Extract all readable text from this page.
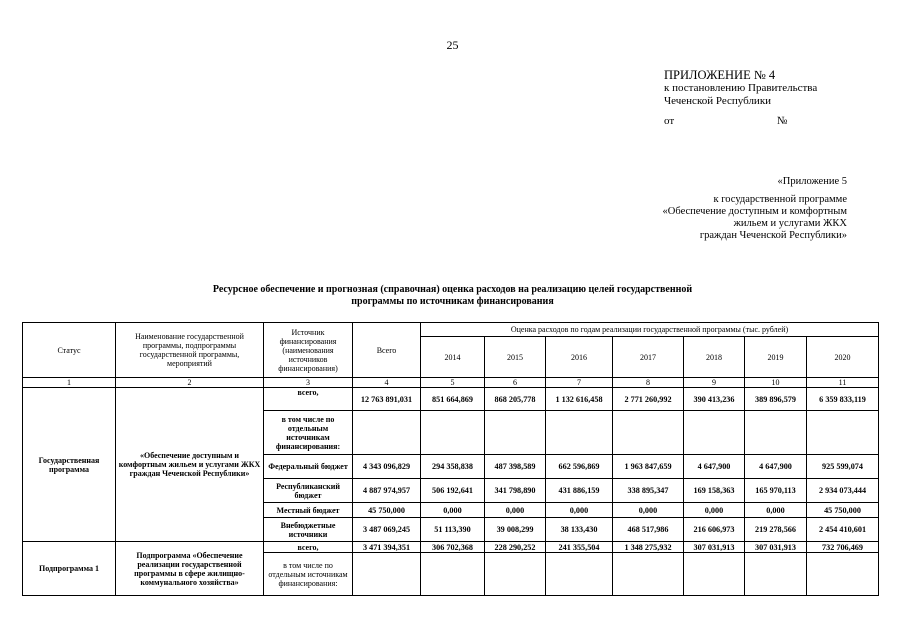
25
ПРИЛОЖЕНИЕ № 4
к постановлению Правительства
Чеченской Республики
от	№
«Приложение 5
к государственной программе
«Обеспечение доступным и комфортным
жильем и услугами ЖКХ
граждан Чеченской Республики»
Ресурсное обеспечение и прогнозная (справочная) оценка расходов на реализацию целей государственной
программы по источникам финансирования
Статус	Наименование государственной программы, подпрограммы государственной программы, мероприятий	Источник финансирования (наименования источников финансирования)	Всего	Оценка расходов по годам реализации государственной программы (тыс. рублей)						
				2014	2015	2016	2017	2018	2019	2020
1	2	3	4	5	6	7	8	9	10	11
Государственная программа	«Обеспечение доступным и комфортным жильем и услугами ЖКХ граждан Чеченской Республики»	всего,	12 763 891,031	851 664,869	868 205,778	1 132 616,458	2 771 260,992	390 413,236	389 896,579	6 359 833,119
		в том числе по отдельным источникам финансирования:								
		Федеральный бюджет	4 343 096,829	294 358,838	487 398,589	662 596,869	1 963 847,659	4 647,900	4 647,900	925 599,074
		Республиканский бюджет	4 887 974,957	506 192,641	341 798,890	431 886,159	338 895,347	169 158,363	165 970,113	2 934 073,444
		Местный бюджет	45 750,000	0,000	0,000	0,000	0,000	0,000	0,000	45 750,000
		Внебюджетные источники	3 487 069,245	51 113,390	39 008,299	38 133,430	468 517,986	216 606,973	219 278,566	2 454 410,601
Подпрограмма 1	Подпрограмма «Обеспечение реализации государственной программы в сфере жилищно-коммунального хозяйства»	всего,	3 471 394,351	306 702,368	228 290,252	241 355,504	1 348 275,932	307 031,913	307 031,913	732 706,469
		в том числе по отдельным источникам финансирования:								
